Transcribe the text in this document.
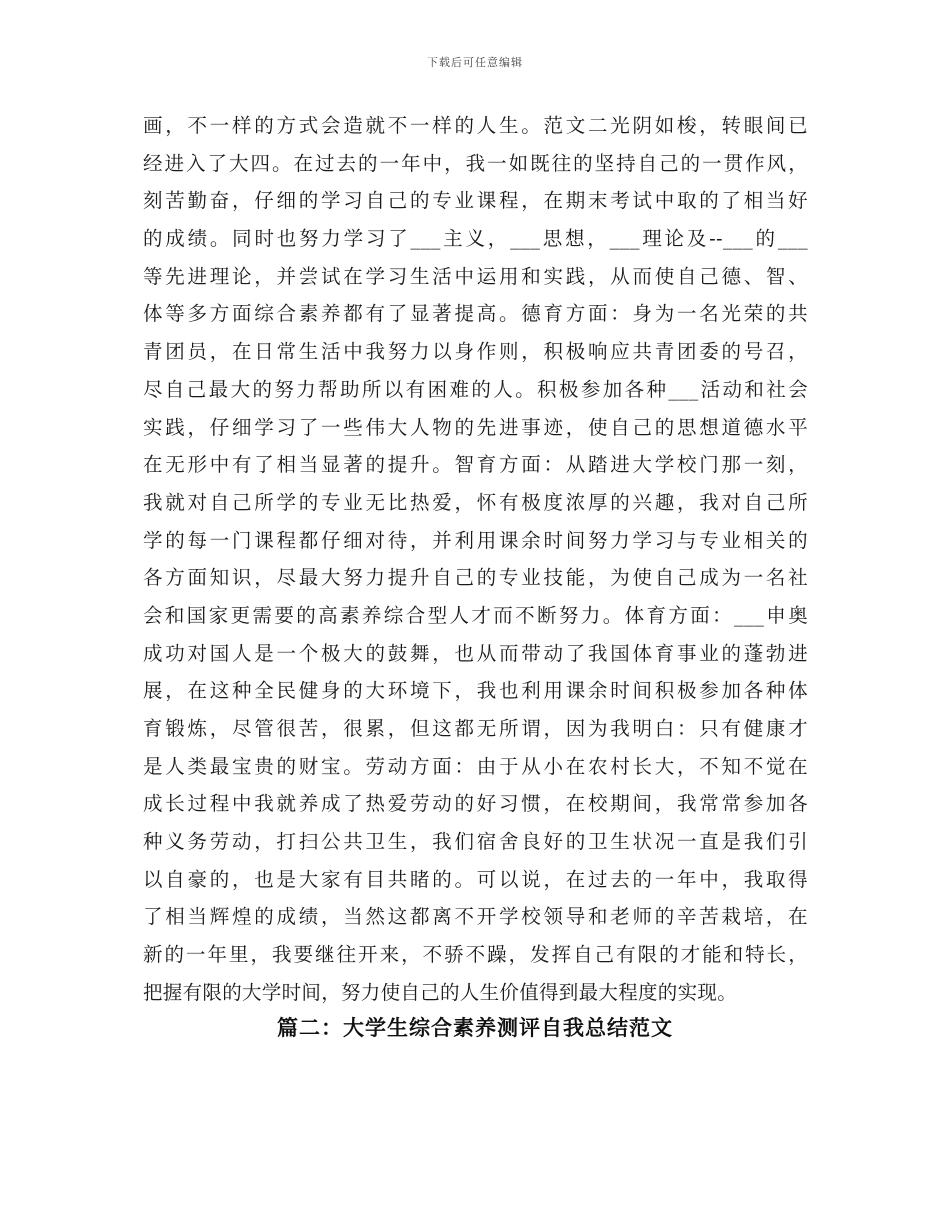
下载后可任意编辑
画，不一样的方式会造就不一样的人生。范文二光阴如梭，转眼间已
经进入了大四。在过去的一年中，我一如既往的坚持自己的一贯作风，
刻苦勤奋，仔细的学习自己的专业课程，在期末考试中取的了相当好
的成绩。同时也努力学习了___主义，___思想，___理论及--___的___
等先进理论，并尝试在学习生活中运用和实践，从而使自己德、智、
体等多方面综合素养都有了显著提高。德育方面：身为一名光荣的共
青团员，在日常生活中我努力以身作则，积极响应共青团委的号召，
尽自己最大的努力帮助所以有困难的人。积极参加各种___活动和社会
实践，仔细学习了一些伟大人物的先进事迹，使自己的思想道德水平
在无形中有了相当显著的提升。智育方面：从踏进大学校门那一刻，
我就对自己所学的专业无比热爱，怀有极度浓厚的兴趣，我对自己所
学的每一门课程都仔细对待，并利用课余时间努力学习与专业相关的
各方面知识，尽最大努力提升自己的专业技能，为使自己成为一名社
会和国家更需要的高素养综合型人才而不断努力。体育方面：___申奥
成功对国人是一个极大的鼓舞，也从而带动了我国体育事业的蓬勃进
展，在这种全民健身的大环境下，我也利用课余时间积极参加各种体
育锻炼，尽管很苦，很累，但这都无所谓，因为我明白：只有健康才
是人类最宝贵的财宝。劳动方面：由于从小在农村长大，不知不觉在
成长过程中我就养成了热爱劳动的好习惯，在校期间，我常常参加各
种义务劳动，打扫公共卫生，我们宿舍良好的卫生状况一直是我们引
以自豪的，也是大家有目共睹的。可以说，在过去的一年中，我取得
了相当辉煌的成绩，当然这都离不开学校领导和老师的辛苦栽培，在
新的一年里，我要继往开来，不骄不躁，发挥自己有限的才能和特长，
把握有限的大学时间，努力使自己的人生价值得到最大程度的实现。
篇二：大学生综合素养测评自我总结范文
